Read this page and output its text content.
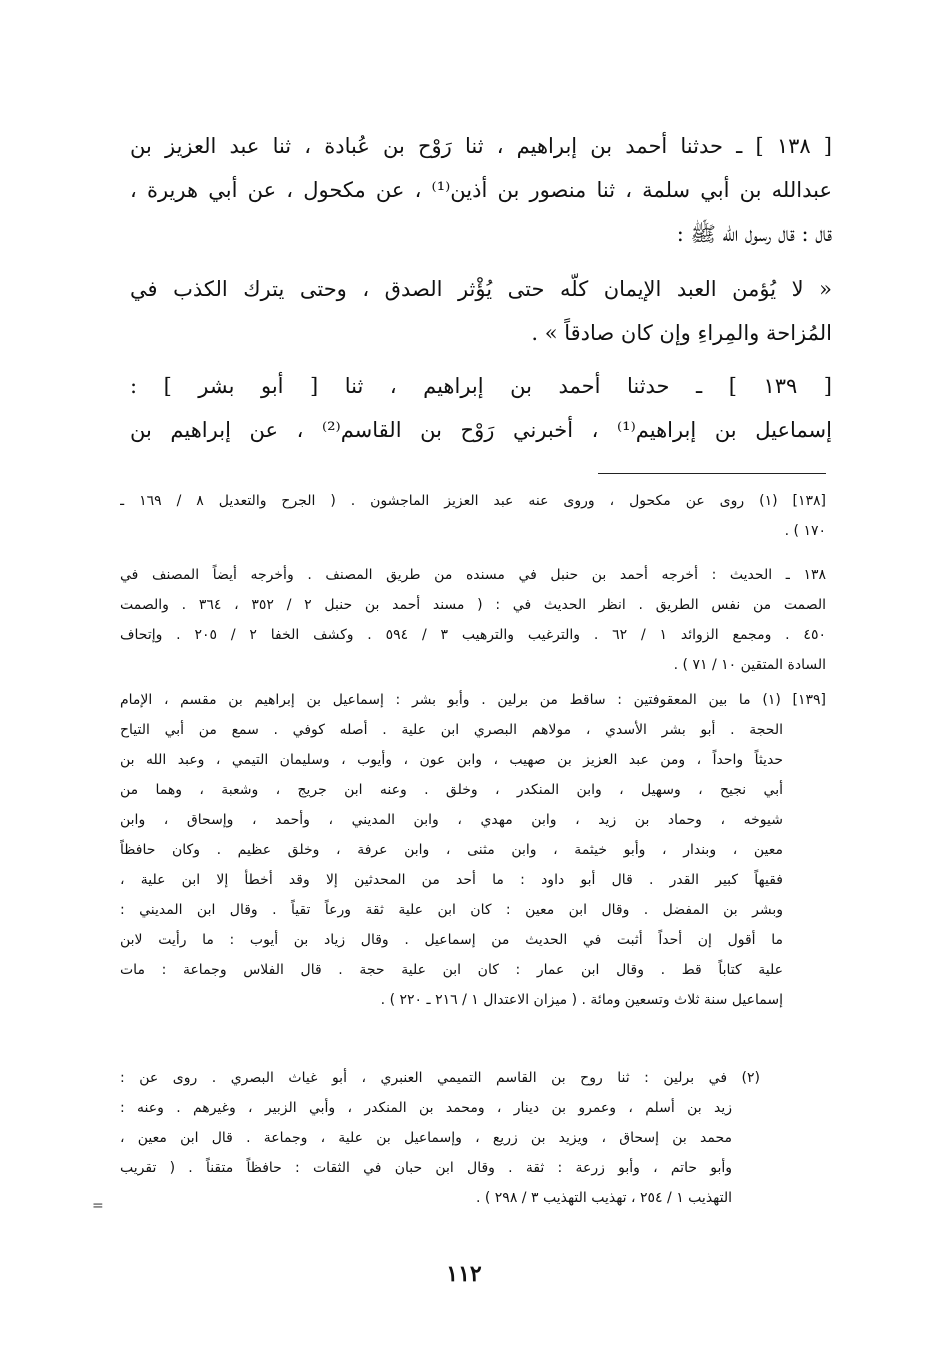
[ ١٣٨ ] ـ حدثنا أحمد بن إبراهيم ، ثنا رَوْح بن عُبادة ، ثنا عبد العزيز بن
عبدالله بن أبي سلمة ، ثنا منصور بن أذين⁽¹⁾ ، عن مكحول ، عن أبي هريرة ،
قال : قال رسول الله ﷺ :
« لا يُؤمن العبد الإيمان كلّه حتى يُؤْثر الصدق ، وحتى يترك الكذب في
المُزاحة والمِراءِ وإن كان صادقاً » .
[ ١٣٩ ] ـ حدثنا أحمد بن إبراهيم ، ثنا [ أبو بشر ] :
إسماعيل بن إبراهيم⁽¹⁾ ، أخبرني رَوْح بن القاسم⁽²⁾ ، عن إبراهيم بن
[١٣٨] (١) روى عن مكحول ، وروى عنه عبد العزيز الماجشون . ( الجرح والتعديل ٨ / ١٦٩ ـ
١٧٠ ) .
١٣٨ ـ الحديث : أخرجه أحمد بن حنبل في مسنده من طريق المصنف . وأخرجه أيضاً المصنف في
الصمت من نفس الطريق . انظر الحديث في : ( مسند أحمد بن حنبل ٢ / ٣٥٢ ، ٣٦٤ . والصمت
٤٥٠ . ومجمع الزوائد ١ / ٦٢ . والترغيب والترهيب ٣ / ٥٩٤ . وكشف الخفا ٢ / ٢٠٥ . وإتحاف
السادة المتقين ١٠ / ٧١ ) .
[١٣٩] (١) ما بين المعقوفتين : ساقط من برلين . وأبو بشر : إسماعيل بن إبراهيم بن مقسم ، الإمام
الحجة . أبو بشر الأسدي ، مولاهم البصري ابن علية . أصله كوفي . سمع من أبي التياح
حديثاً واحداً ، ومن عبد العزيز بن صهيب ، وابن عون ، وأيوب ، وسليمان التيمي ، وعبد الله بن
أبي نجيح ، وسهيل ، وابن المنكدر ، وخلق . وعنه ابن جريج ، وشعبة ، وهما من
شيوخه ، وحماد بن زيد ، وابن مهدي ، وابن المديني ، وأحمد ، وإسحاق ، وابن
معين ، وبندار ، وأبو خيثمة ، وابن مثنى ، وابن عرفة ، وخلق عظيم . وكان حافظاً
فقيهاً كبير القدر . قال أبو داود : ما أحد من المحدثين إلا وقد أخطأ إلا ابن علية ،
وبشر بن المفضل . وقال ابن معين : كان ابن علية ثقة ورعاً تقياً . وقال ابن المديني :
ما أقول إن أحداً أثبت في الحديث من إسماعيل . وقال زياد بن أيوب : ما رأيت لابن
علية كتاباً قط . وقال ابن عمار : كان ابن علية حجة . قال الفلاس وجماعة : مات
إسماعيل سنة ثلاث وتسعين ومائة . ( ميزان الاعتدال ١ / ٢١٦ ـ ٢٢٠ ) .
(٢) في برلين : ثنا روح بن القاسم التميمي العنبري ، أبو غياث البصري . روى عن :
زيد بن أسلم ، وعمرو بن دينار ، ومحمد بن المنكدر ، وأبي الزبير ، وغيرهم . وعنه :
محمد بن إسحاق ، ويزيد بن زريع ، وإسماعيل بن علية ، وجماعة . قال ابن معين ،
وأبو حاتم ، وأبو زرعة : ثقة . وقال ابن حبان في الثقات : حافظاً متقناً . ( تقريب
التهذيب ١ / ٢٥٤ ، تهذيب التهذيب ٣ / ٢٩٨ ) .
=
١١٢
